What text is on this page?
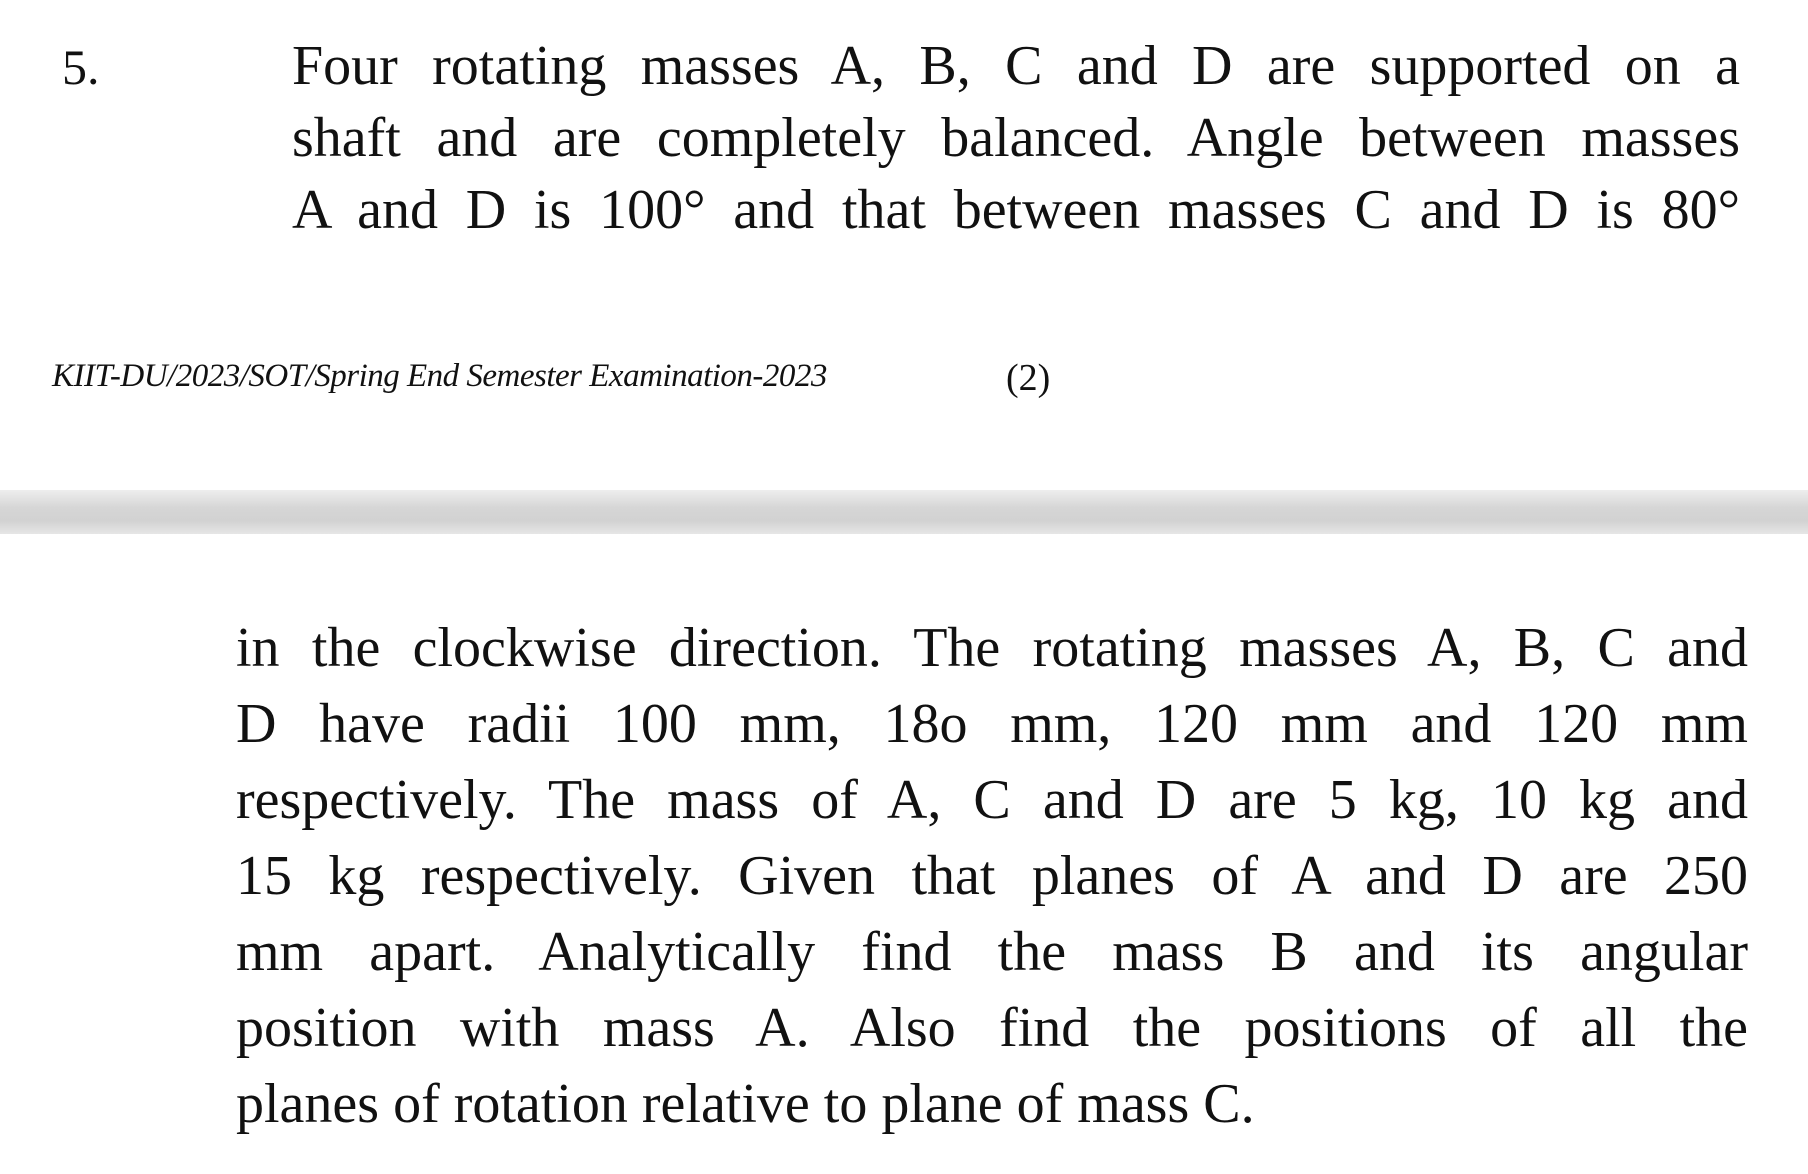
5.	Four rotating masses A, B, C and D are supported on a
shaft and are completely balanced. Angle between masses
A and D is 100° and that between masses C and D is 80°
KIIT-DU/2023/SOT/Spring End Semester Examination-2023	(2)
in the clockwise direction. The rotating masses A, B, C and
D have radii 100 mm, 18o mm, 120 mm and 120 mm
respectively. The mass of A, C and D are 5 kg, 10 kg and
15 kg respectively. Given that planes of A and D are 250
mm apart. Analytically find the mass B and its angular
position with mass A. Also find the positions of all the
planes of rotation relative to plane of mass C.
